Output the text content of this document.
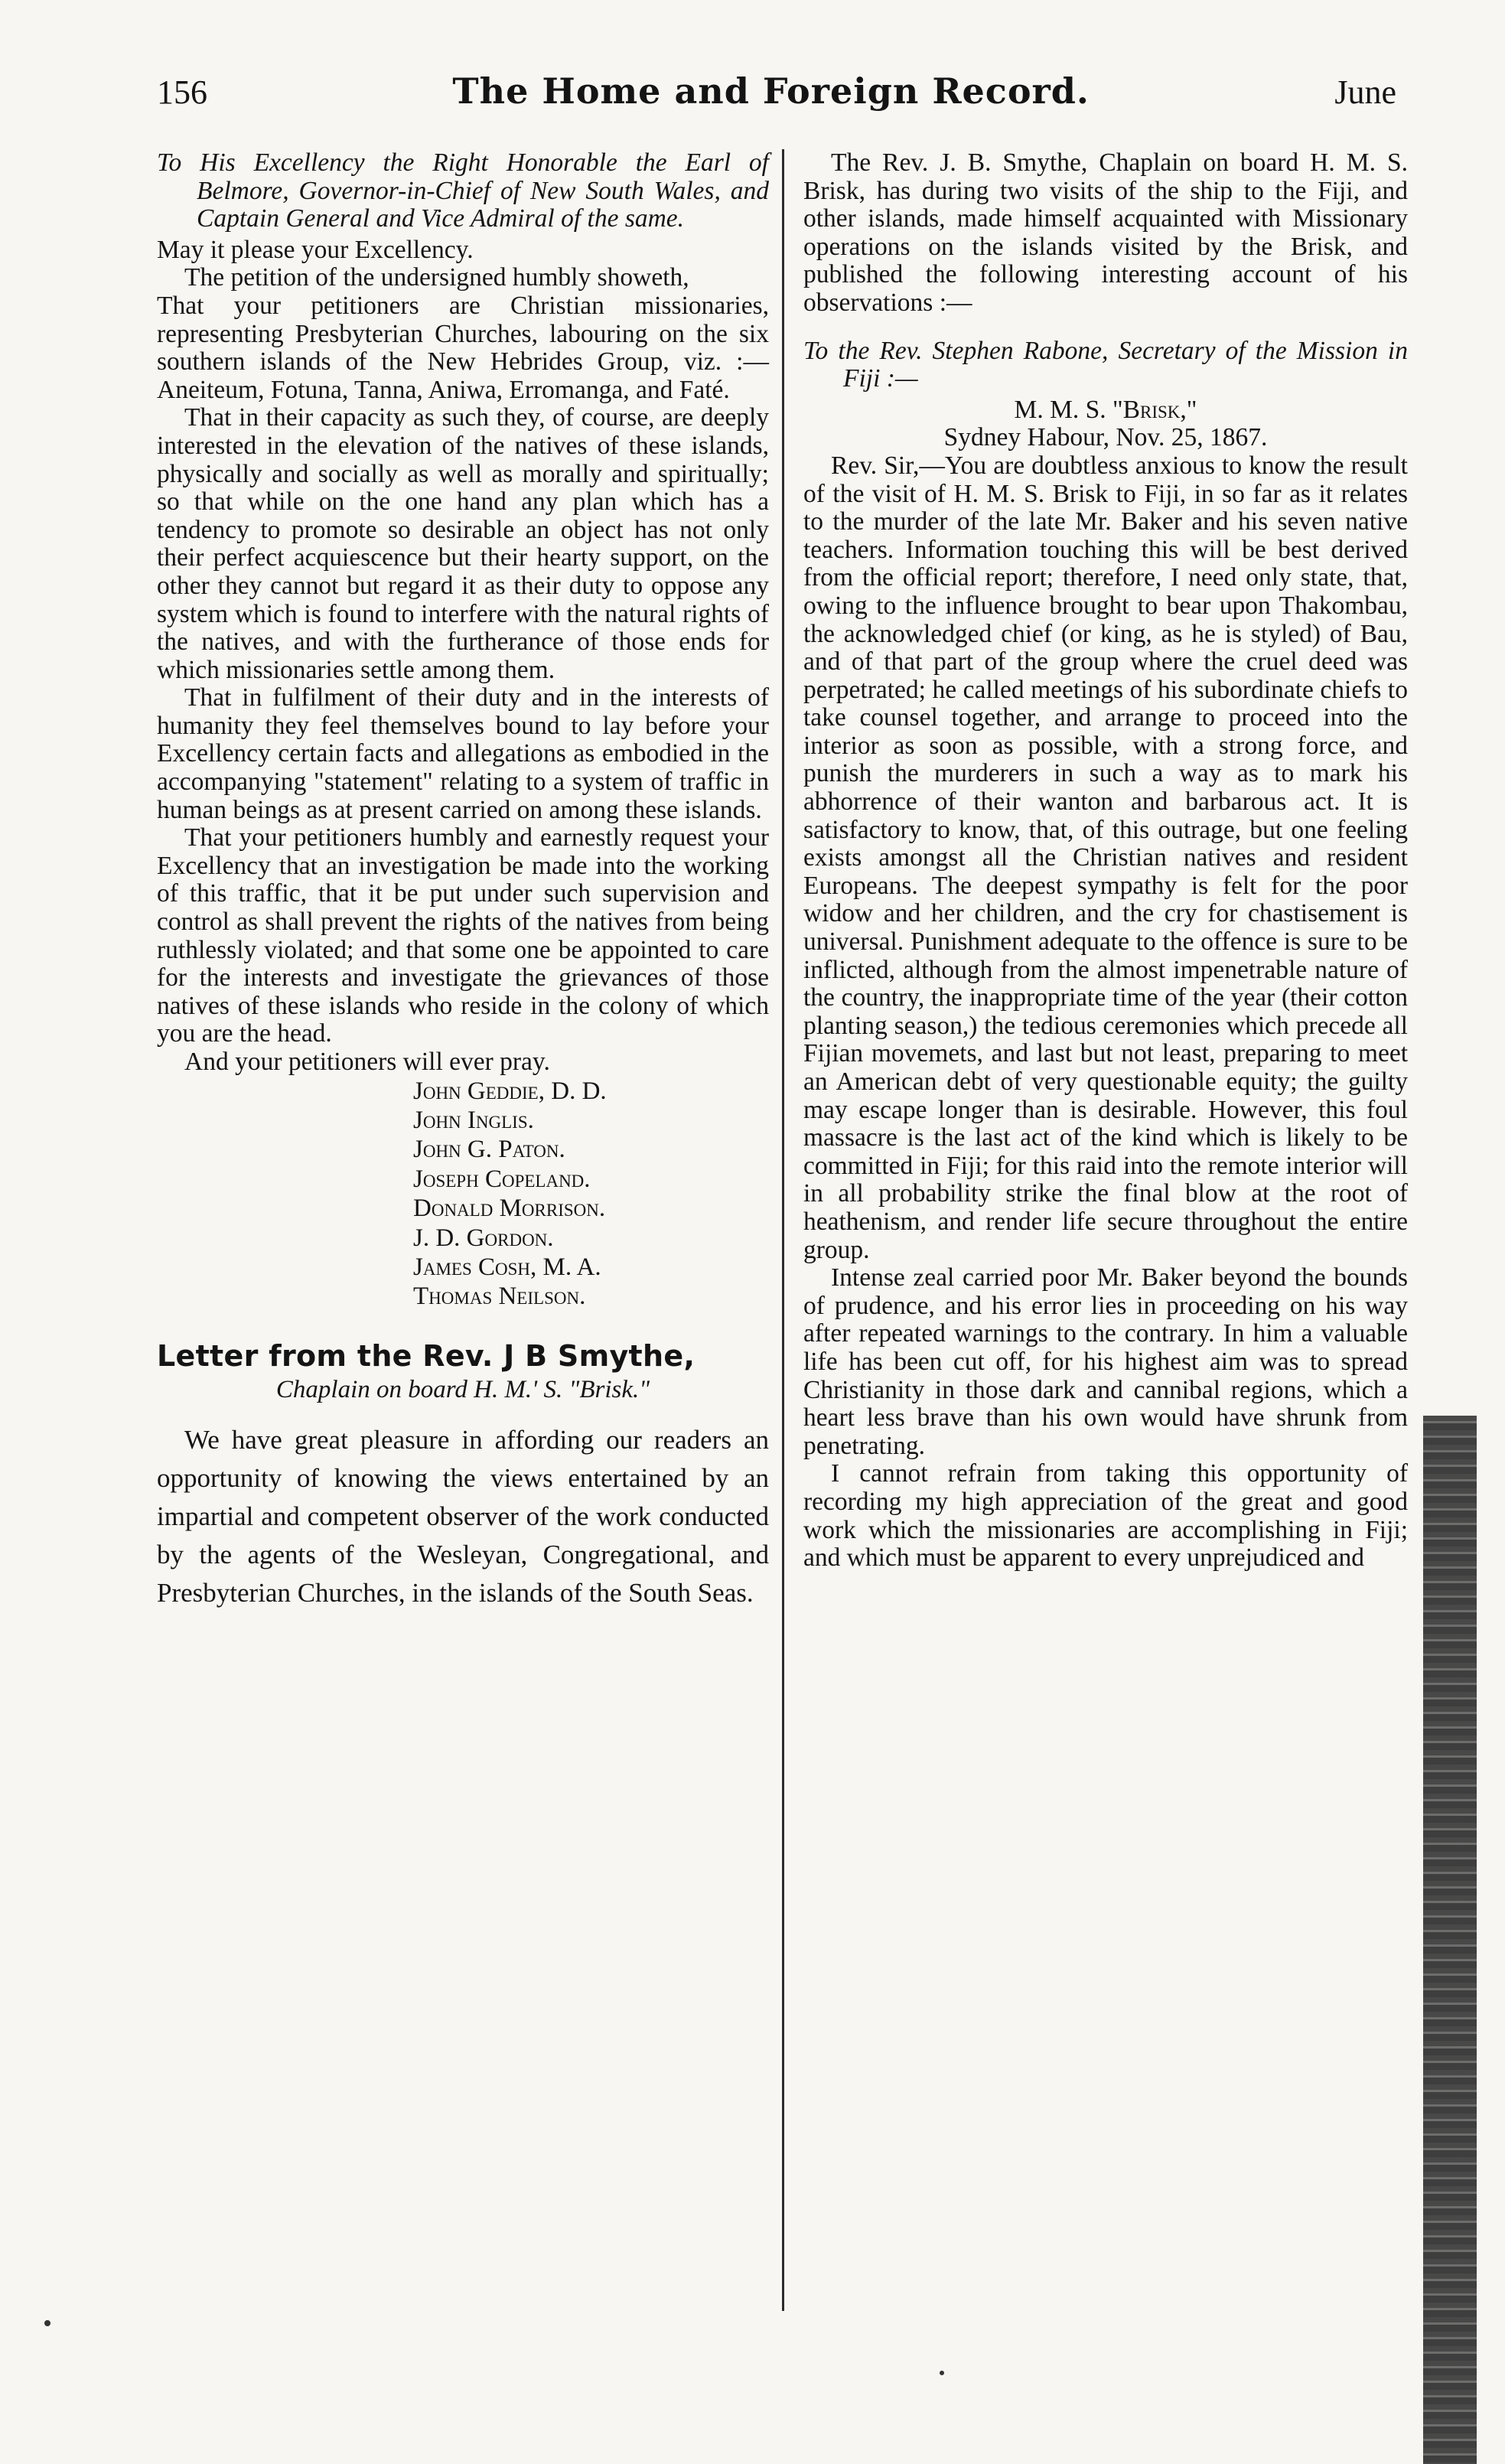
156	The Home and Foreign Record.	June

To His Excellency the Right Honorable the Earl of Belmore, Governor-in-Chief of New South Wales, and Captain General and Vice Admiral of the same.

May it please your Excellency.

The petition of the undersigned humbly showeth,

That your petitioners are Christian missionaries, representing Presbyterian Churches, labouring on the six southern islands of the New Hebrides Group, viz. :—Aneiteum, Fotuna, Tanna, Aniwa, Erromanga, and Faté.

That in their capacity as such they, of course, are deeply interested in the elevation of the natives of these islands, physically and socially as well as morally and spiritually; so that while on the one hand any plan which has a tendency to promote so desirable an object has not only their perfect acquiescence but their hearty support, on the other they cannot but regard it as their duty to oppose any system which is found to interfere with the natural rights of the natives, and with the furtherance of those ends for which missionaries settle among them.

That in fulfilment of their duty and in the interests of humanity they feel themselves bound to lay before your Excellency certain facts and allegations as embodied in the accompanying "statement" relating to a system of traffic in human beings as at present carried on among these islands.

That your petitioners humbly and earnestly request your Excellency that an investigation be made into the working of this traffic, that it be put under such supervision and control as shall prevent the rights of the natives from being ruthlessly violated; and that some one be appointed to care for the interests and investigate the grievances of those natives of these islands who reside in the colony of which you are the head.

And your petitioners will ever pray.

John Geddie, D. D.
John Inglis.
John G. Paton.
Joseph Copeland.
Donald Morrison.
J. D. Gordon.
James Cosh, M. A.
Thomas Neilson.
Letter from the Rev. J B Smythe,
Chaplain on board H. M.' S. "Brisk."

We have great pleasure in affording our readers an opportunity of knowing the views entertained by an impartial and competent observer of the work conducted by the agents of the Wesleyan, Congregational, and Presbyterian Churches, in the islands of the South Seas.

The Rev. J. B. Smythe, Chaplain on board H. M. S. Brisk, has during two visits of the ship to the Fiji, and other islands, made himself acquainted with Missionary operations on the islands visited by the Brisk, and published the following interesting account of his observations :—

To the Rev. Stephen Rabone, Secretary of the Mission in Fiji :—

M. M. S. "Brisk,"

Sydney Habour, Nov. 25, 1867.

Rev. Sir,—You are doubtless anxious to know the result of the visit of H. M. S. Brisk to Fiji, in so far as it relates to the murder of the late Mr. Baker and his seven native teachers. Information touching this will be best derived from the official report; therefore, I need only state, that, owing to the influence brought to bear upon Thakombau, the acknowledged chief (or king, as he is styled) of Bau, and of that part of the group where the cruel deed was perpetrated; he called meetings of his subordinate chiefs to take counsel together, and arrange to proceed into the interior as soon as possible, with a strong force, and punish the murderers in such a way as to mark his abhorrence of their wanton and barbarous act. It is satisfactory to know, that, of this outrage, but one feeling exists amongst all the Christian natives and resident Europeans. The deepest sympathy is felt for the poor widow and her children, and the cry for chastisement is universal. Punishment adequate to the offence is sure to be inflicted, although from the almost impenetrable nature of the country, the inappropriate time of the year (their cotton planting season,) the tedious ceremonies which precede all Fijian movemets, and last but not least, preparing to meet an American debt of very questionable equity; the guilty may escape longer than is desirable. However, this foul massacre is the last act of the kind which is likely to be committed in Fiji; for this raid into the remote interior will in all probability strike the final blow at the root of heathenism, and render life secure throughout the entire group.

Intense zeal carried poor Mr. Baker beyond the bounds of prudence, and his error lies in proceeding on his way after repeated warnings to the contrary. In him a valuable life has been cut off, for his highest aim was to spread Christianity in those dark and cannibal regions, which a heart less brave than his own would have shrunk from penetrating.

I cannot refrain from taking this opportunity of recording my high appreciation of the great and good work which the missionaries are accomplishing in Fiji; and which must be apparent to every unprejudiced and
